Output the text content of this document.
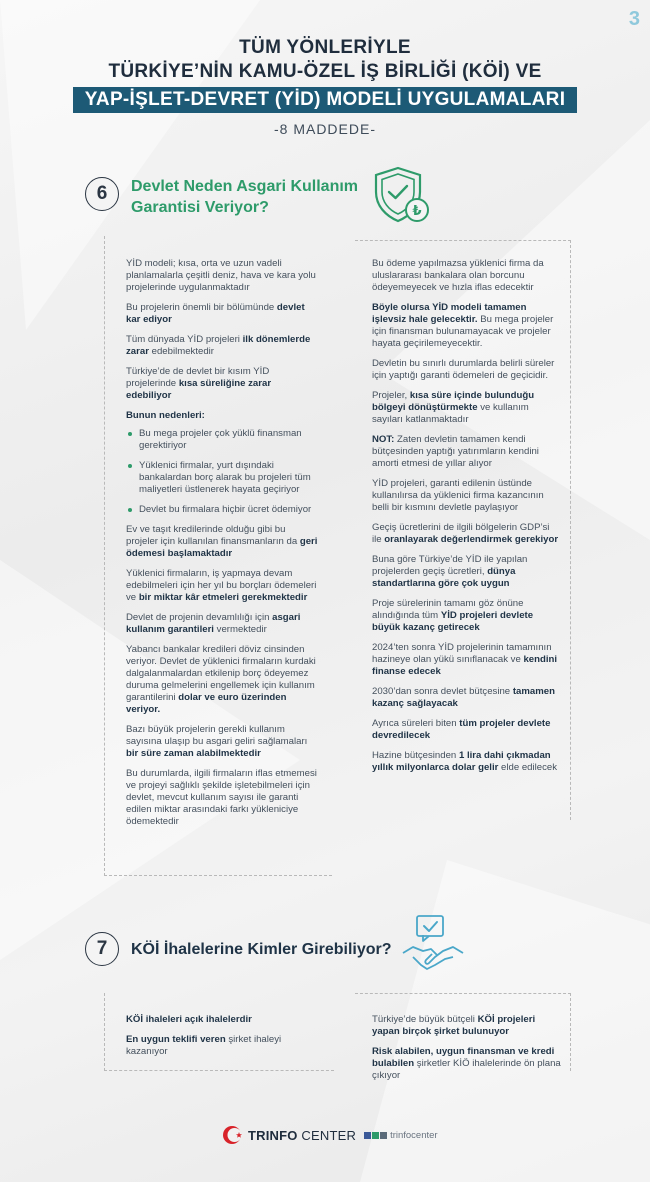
3
TÜM YÖNLERİYLE
TÜRKİYE’NİN KAMU-ÖZEL İŞ BİRLİĞİ (KÖİ) VE
YAP-İŞLET-DEVRET (YİD) MODELİ UYGULAMALARI
-8 MADDEDE-
6	Devlet Neden Asgari Kullanım
Garantisi Veriyor?	₺

YİD modeli; kısa, orta ve uzun vadeli planlamalarla çeşitli deniz, hava ve kara yolu projelerinde uygulanmaktadır

Bu projelerin önemli bir bölümünde devlet kar ediyor

Tüm dünyada YİD projeleri ilk dönemlerde zarar edebilmektedir

Türkiye’de de devlet bir kısım YİD projelerinde kısa süreliğine zarar edebiliyor

Bunun nedenleri:

Bu mega projeler çok yüklü finansman gerektiriyor
Yüklenici firmalar, yurt dışındaki bankalardan borç alarak bu projeleri tüm maliyetleri üstlenerek hayata geçiriyor
Devlet bu firmalara hiçbir ücret ödemiyor

Ev ve taşıt kredilerinde olduğu gibi bu projeler için kullanılan finansmanların da geri ödemesi başlamaktadır

Yüklenici firmaların, iş yapmaya devam edebilmeleri için her yıl bu borçları ödemeleri ve bir miktar kâr etmeleri gerekmektedir

Devlet de projenin devamlılığı için asgari kullanım garantileri vermektedir

Yabancı bankalar kredileri döviz cinsinden veriyor. Devlet de yüklenici firmaların kurdaki dalgalanmalardan etkilenip borç ödeyemez duruma gelmelerini engellemek için kullanım garantilerini dolar ve euro üzerinden veriyor.

Bazı büyük projelerin gerekli kullanım sayısına ulaşıp bu asgari geliri sağlamaları bir süre zaman alabilmektedir

Bu durumlarda, ilgili firmaların iflas etmemesi ve projeyi sağlıklı şekilde işletebilmeleri için devlet, mevcut kullanım sayısı ile garanti edilen miktar arasındaki farkı yükleniciye ödemektedir

Bu ödeme yapılmazsa yüklenici firma da uluslararası bankalara olan borcunu ödeyemeyecek ve hızla iflas edecektir

Böyle olursa YİD modeli tamamen işlevsiz hale gelecektir. Bu mega projeler için finansman bulunamayacak ve projeler hayata geçirilemeyecektir.

Devletin bu sınırlı durumlarda belirli süreler için yaptığı garanti ödemeleri de geçicidir.

Projeler, kısa süre içinde bulunduğu bölgeyi dönüştürmekte ve kullanım sayıları katlanmaktadır

NOT: Zaten devletin tamamen kendi bütçesinden yaptığı yatırımların kendini amorti etmesi de yıllar alıyor

YİD projeleri, garanti edilenin üstünde kullanılırsa da yüklenici firma kazancının belli bir kısmını devletle paylaşıyor

Geçiş ücretlerini de ilgili bölgelerin GDP’si ile oranlayarak değerlendirmek gerekiyor

Buna göre Türkiye’de YİD ile yapılan projelerden geçiş ücretleri, dünya standartlarına göre çok uygun

Proje sürelerinin tamamı göz önüne alındığında tüm YİD projeleri devlete büyük kazanç getirecek

2024’ten sonra YİD projelerinin tamamının hazineye olan yükü sınıflanacak ve kendini finanse edecek

2030’dan sonra devlet bütçesine tamamen kazanç sağlayacak

Ayrıca süreleri biten tüm projeler devlete devredilecek

Hazine bütçesinden 1 lira dahi çıkmadan yıllık milyonlarca dolar gelir elde edilecek

7	KÖİ İhalelerine Kimler Girebiliyor?

KÖİ ihaleleri açık ihalelerdir

En uygun teklifi veren şirket ihaleyi kazanıyor

Türkiye’de büyük bütçeli KÖİ projeleri yapan birçok şirket bulunuyor

Risk alabilen, uygun finansman ve kredi bulabilen şirketler KİÖ ihalelerinde ön plana çıkıyor

TRINFO CENTER	trinfocenter
